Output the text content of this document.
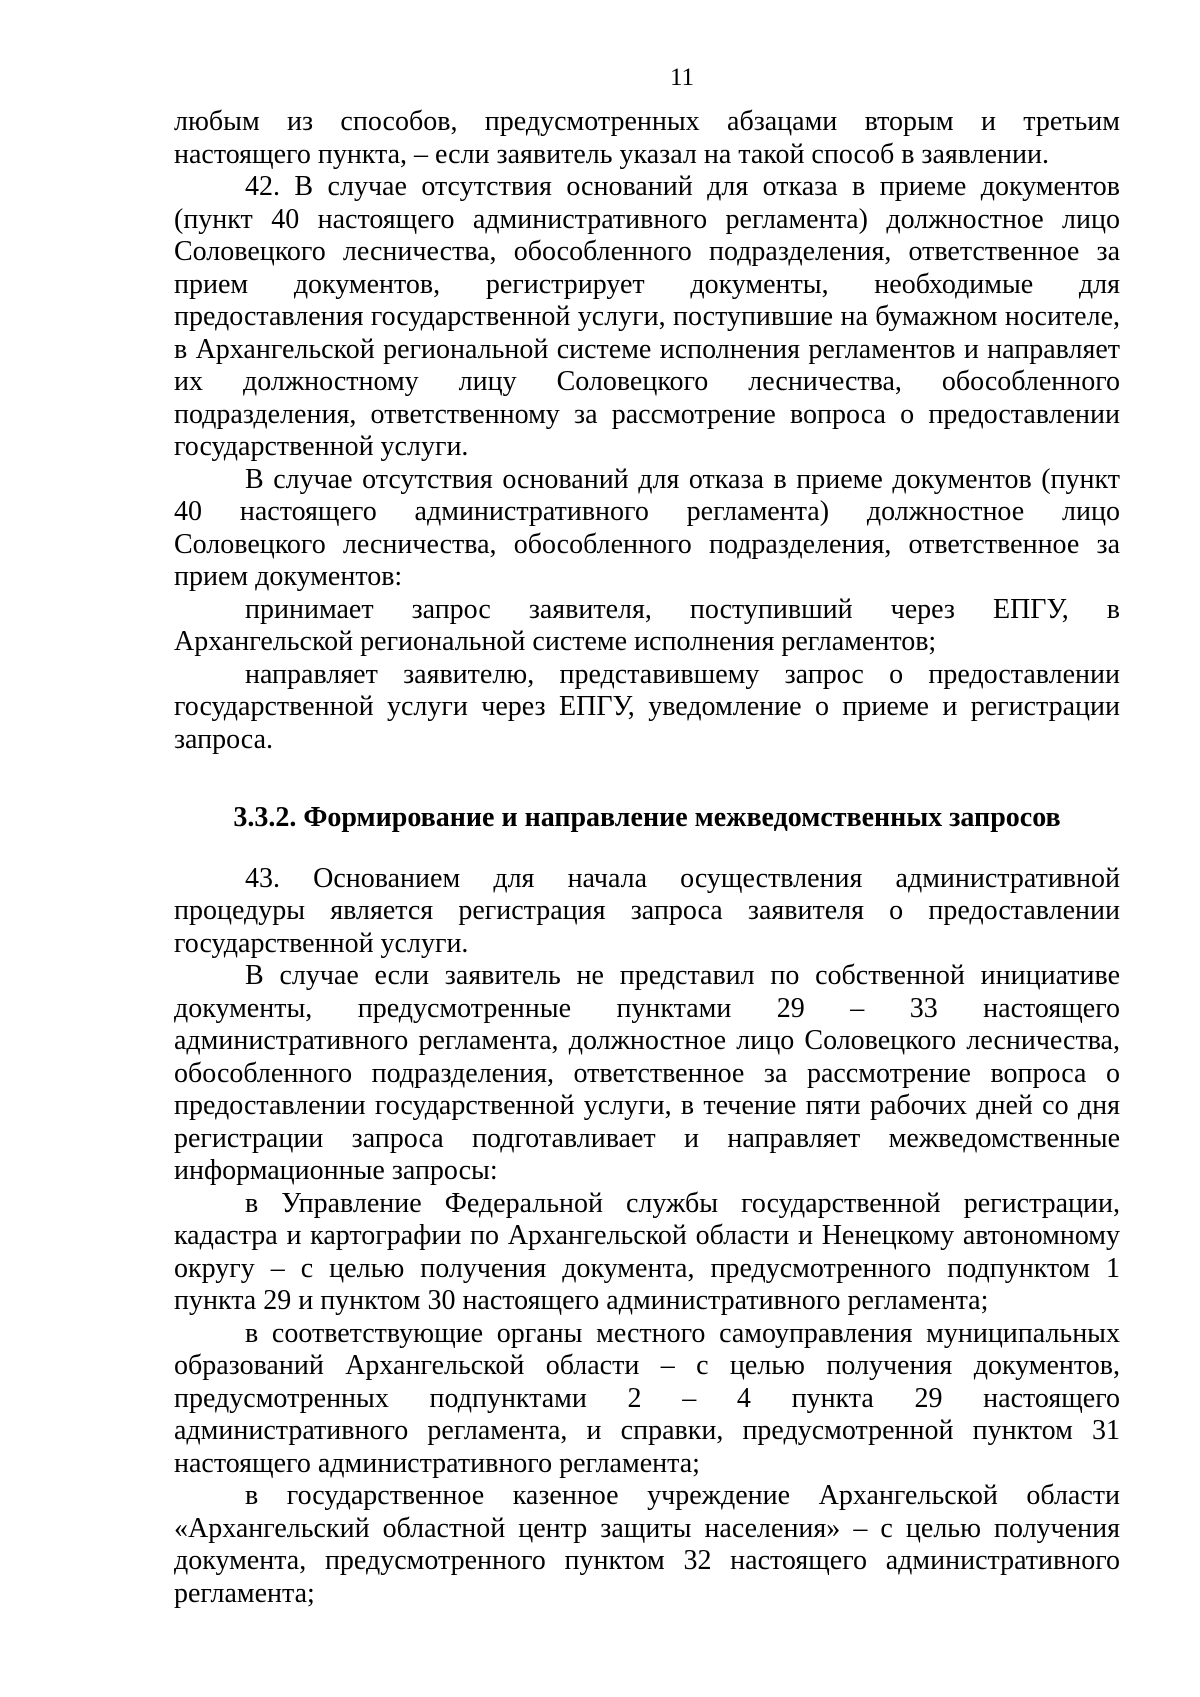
11

любым из способов, предусмотренных абзацами вторым и третьим настоящего пункта, – если заявитель указал на такой способ в заявлении.

42. В случае отсутствия оснований для отказа в приеме документов (пункт 40 настоящего административного регламента) должностное лицо Соловецкого лесничества, обособленного подразделения, ответственное за прием документов, регистрирует документы, необходимые для предоставления государственной услуги, поступившие на бумажном носителе, в Архангельской региональной системе исполнения регламентов и направляет их должностному лицу Соловецкого лесничества, обособленного подразделения, ответственному за рассмотрение вопроса о предоставлении государственной услуги.

В случае отсутствия оснований для отказа в приеме документов (пункт 40 настоящего административного регламента) должностное лицо Соловецкого лесничества, обособленного подразделения, ответственное за прием документов:

принимает запрос заявителя, поступивший через ЕПГУ, в Архангельской региональной системе исполнения регламентов;

направляет заявителю, представившему запрос о предоставлении государственной услуги через ЕПГУ, уведомление о приеме и регистрации запроса.

3.3.2. Формирование и направление межведомственных запросов

43. Основанием для начала осуществления административной процедуры является регистрация запроса заявителя о предоставлении государственной услуги.

В случае если заявитель не представил по собственной инициативе документы, предусмотренные пунктами 29 – 33 настоящего административного регламента, должностное лицо Соловецкого лесничества, обособленного подразделения, ответственное за рассмотрение вопроса о предоставлении государственной услуги, в течение пяти рабочих дней со дня регистрации запроса подготавливает и направляет межведомственные информационные запросы:

в Управление Федеральной службы государственной регистрации, кадастра и картографии по Архангельской области и Ненецкому автономному округу – с целью получения документа, предусмотренного подпунктом 1 пункта 29 и пунктом 30 настоящего административного регламента;

в соответствующие органы местного самоуправления муниципальных образований Архангельской области – с целью получения документов, предусмотренных подпунктами 2 – 4 пункта 29 настоящего административного регламента, и справки, предусмотренной пунктом 31 настоящего административного регламента;

в государственное казенное учреждение Архангельской области «Архангельский областной центр защиты населения» – с целью получения документа, предусмотренного пунктом 32 настоящего административного регламента;
